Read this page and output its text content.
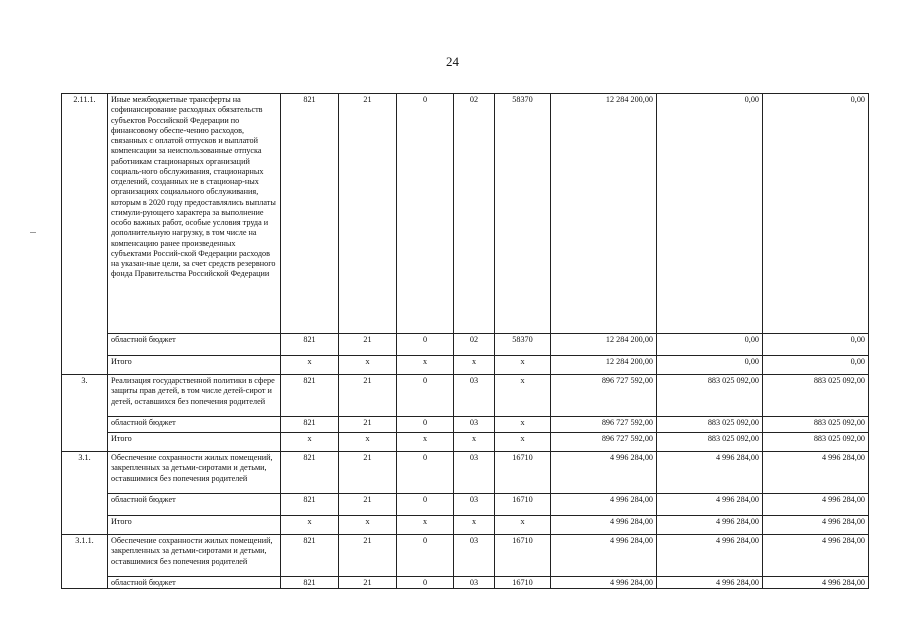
24
2.11.1.	Иные межбюджетные трансферты на софинансирование расходных обязательств субъектов Российской Федерации по финансовому обеспе-чению расходов, связанных с оплатой отпусков и выплатой компенсации за неиспользованные отпуска работникам стационарных организаций социаль-ного обслуживания, стационарных отделений, созданных не в стационар-ных организациях социального обслуживания, которым в 2020 году предоставлялись выплаты стимули-рующего характера за выполнение особо важных работ, особые условия труда и дополнительную нагрузку, в том числе на компенсацию ранее произведенных субъектами Россий-ской Федерации расходов на указан-ные цели, за счет средств резервного фонда Правительства Российской Федерации	821	21	0	02	58370	12 284 200,00	0,00	0,00
	областной бюджет	821	21	0	02	58370	12 284 200,00	0,00	0,00
	Итого	х	х	х	х	х	12 284 200,00	0,00	0,00
3.	Реализация государственной политики в сфере защиты прав детей, в том числе детей-сирот и детей, оставшихся без попечения родителей	821	21	0	03	х	896 727 592,00	883 025 092,00	883 025 092,00
	областной бюджет	821	21	0	03	х	896 727 592,00	883 025 092,00	883 025 092,00
	Итого	х	х	х	х	х	896 727 592,00	883 025 092,00	883 025 092,00
3.1.	Обеспечение сохранности жилых помещений, закрепленных за детьми-сиротами и детьми, оставшимися без попечения родителей	821	21	0	03	16710	4 996 284,00	4 996 284,00	4 996 284,00
	областной бюджет	821	21	0	03	16710	4 996 284,00	4 996 284,00	4 996 284,00
	Итого	х	х	х	х	х	4 996 284,00	4 996 284,00	4 996 284,00
3.1.1.	Обеспечение сохранности жилых помещений, закрепленных за детьми-сиротами и детьми, оставшимися без попечения родителей	821	21	0	03	16710	4 996 284,00	4 996 284,00	4 996 284,00
	областной бюджет	821	21	0	03	16710	4 996 284,00	4 996 284,00	4 996 284,00
